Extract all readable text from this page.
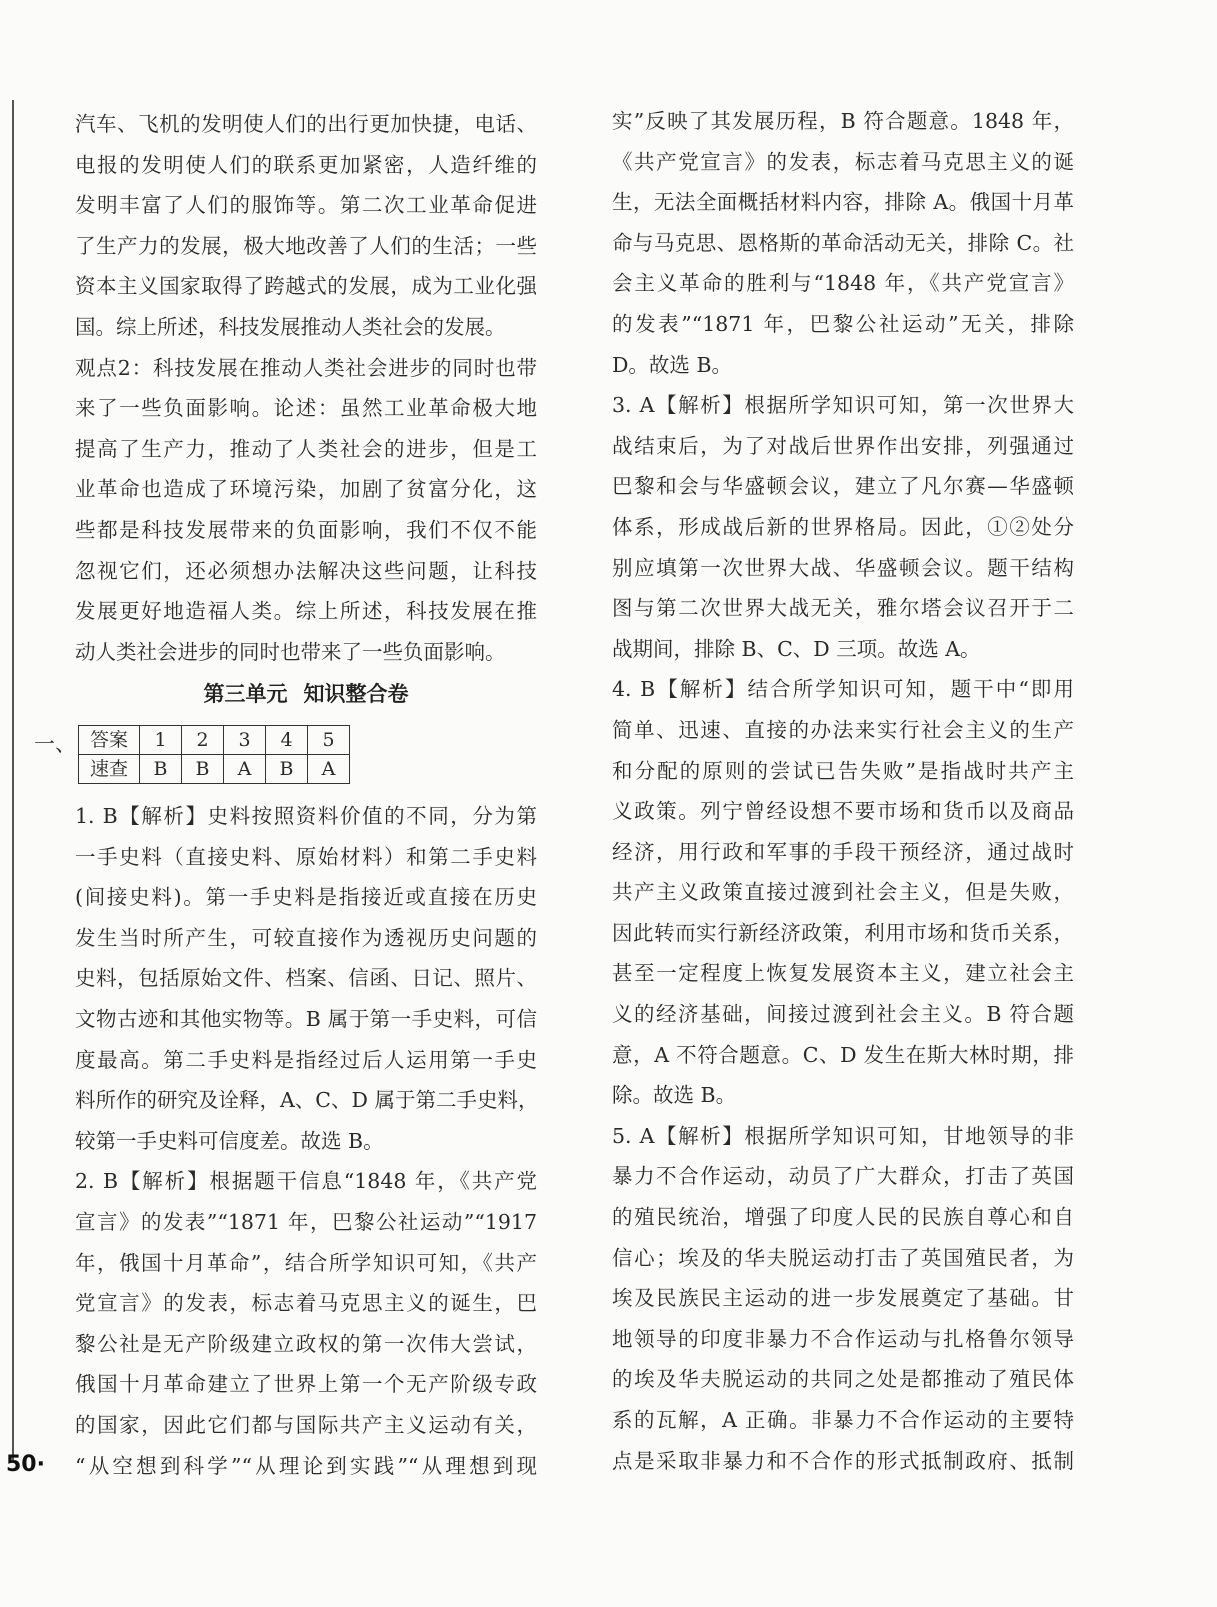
汽车、飞机的发明使人们的出行更加快捷，电话、
电报的发明使人们的联系更加紧密，人造纤维的
发明丰富了人们的服饰等。第二次工业革命促进
了生产力的发展，极大地改善了人们的生活；一些
资本主义国家取得了跨越式的发展，成为工业化强
国。综上所述，科技发展推动人类社会的发展。
观点2：科技发展在推动人类社会进步的同时也带
来了一些负面影响。论述：虽然工业革命极大地
提高了生产力，推动了人类社会的进步，但是工
业革命也造成了环境污染，加剧了贫富分化，这
些都是科技发展带来的负面影响，我们不仅不能
忽视它们，还必须想办法解决这些问题，让科技
发展更好地造福人类。综上所述，科技发展在推
动人类社会进步的同时也带来了一些负面影响。
第三单元 知识整合卷
一、 答案	1	2	3	4	5
速查	B	B	A	B	A
1. B【解析】史料按照资料价值的不同，分为第
一手史料（直接史料、原始材料）和第二手史料
(间接史料)。第一手史料是指接近或直接在历史
发生当时所产生，可较直接作为透视历史问题的
史料，包括原始文件、档案、信函、日记、照片、
文物古迹和其他实物等。B 属于第一手史料，可信
度最高。第二手史料是指经过后人运用第一手史
料所作的研究及诠释，A、C、D 属于第二手史料，
较第一手史料可信度差。故选 B。
2. B【解析】根据题干信息“1848 年，《共产党
宣言》的发表”“1871 年，巴黎公社运动”“1917
年，俄国十月革命”，结合所学知识可知，《共产
党宣言》的发表，标志着马克思主义的诞生，巴
黎公社是无产阶级建立政权的第一次伟大尝试，
俄国十月革命建立了世界上第一个无产阶级专政
的国家，因此它们都与国际共产主义运动有关，
“从空想到科学”“从理论到实践”“从理想到现
实”反映了其发展历程，B 符合题意。1848 年，
《共产党宣言》的发表，标志着马克思主义的诞
生，无法全面概括材料内容，排除 A。俄国十月革
命与马克思、恩格斯的革命活动无关，排除 C。社
会主义革命的胜利与“1848 年，《共产党宣言》
的发表”“1871 年，巴黎公社运动”无关，排除
D。故选 B。
3. A【解析】根据所学知识可知，第一次世界大
战结束后，为了对战后世界作出安排，列强通过
巴黎和会与华盛顿会议，建立了凡尔赛—华盛顿
体系，形成战后新的世界格局。因此，①②处分
别应填第一次世界大战、华盛顿会议。题干结构
图与第二次世界大战无关，雅尔塔会议召开于二
战期间，排除 B、C、D 三项。故选 A。
4. B【解析】结合所学知识可知，题干中“即用
简单、迅速、直接的办法来实行社会主义的生产
和分配的原则的尝试已告失败”是指战时共产主
义政策。列宁曾经设想不要市场和货币以及商品
经济，用行政和军事的手段干预经济，通过战时
共产主义政策直接过渡到社会主义，但是失败，
因此转而实行新经济政策，利用市场和货币关系，
甚至一定程度上恢复发展资本主义，建立社会主
义的经济基础，间接过渡到社会主义。B 符合题
意，A 不符合题意。C、D 发生在斯大林时期，排
除。故选 B。
5. A【解析】根据所学知识可知，甘地领导的非
暴力不合作运动，动员了广大群众，打击了英国
的殖民统治，增强了印度人民的民族自尊心和自
信心；埃及的华夫脱运动打击了英国殖民者，为
埃及民族民主运动的进一步发展奠定了基础。甘
地领导的印度非暴力不合作运动与扎格鲁尔领导
的埃及华夫脱运动的共同之处是都推动了殖民体
系的瓦解，A 正确。非暴力不合作运动的主要特
点是采取非暴力和不合作的形式抵制政府、抵制
50·
